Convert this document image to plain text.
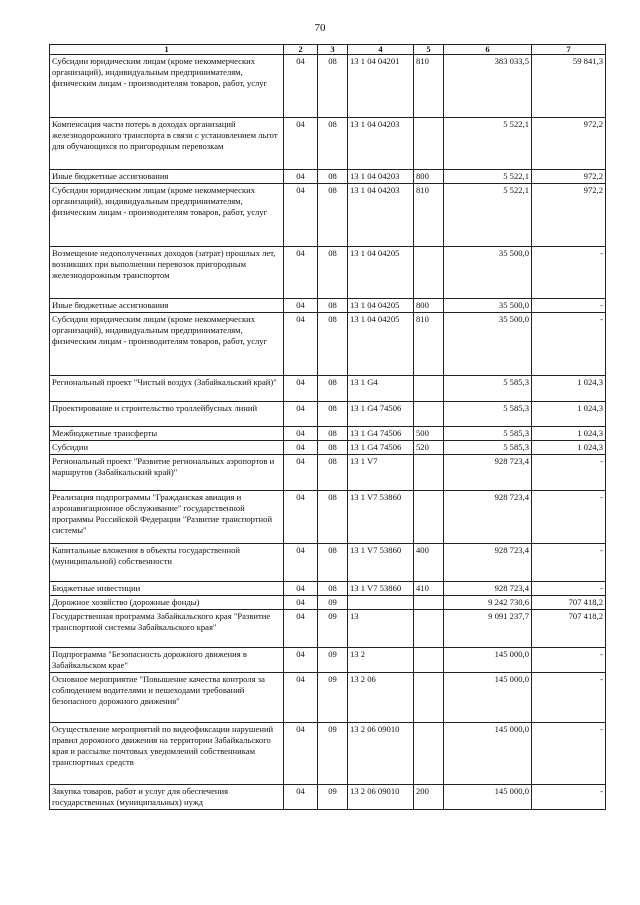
70
1	2	3	4	5	6	7
Субсидии юридическим лицам (кроме некоммерческих организаций), индивидуальным предпринимателям, физическим лицам - производителям товаров, работ, услуг	04	08	13 1 04 04201	810	383 033,5	59 841,3
Компенсация части потерь в доходах организаций железнодорожного транспорта в связи с установлением льгот для обучающихся по пригородным перевозкам	04	08	13 1 04 04203		5 522,1	972,2
Иные бюджетные ассигнования	04	08	13 1 04 04203	800	5 522,1	972,2
Субсидии юридическим лицам (кроме некоммерческих организаций), индивидуальным предпринимателям, физическим лицам - производителям товаров, работ, услуг	04	08	13 1 04 04203	810	5 522,1	972,2
Возмещение недополученных доходов (затрат) прошлых лет, возникших при выполнении перевозок пригородным железнодорожным транспортом	04	08	13 1 04 04205		35 500,0	-
Иные бюджетные ассигнования	04	08	13 1 04 04205	800	35 500,0	-
Субсидии юридическим лицам (кроме некоммерческих организаций), индивидуальным предпринимателям, физическим лицам - производителям товаров, работ, услуг	04	08	13 1 04 04205	810	35 500,0	-
Региональный проект "Чистый воздух (Забайкальский край)"	04	08	13 1 G4		5 585,3	1 024,3
Проектирование и строительство троллейбусных линий	04	08	13 1 G4 74506		5 585,3	1 024,3
Межбюджетные трансферты	04	08	13 1 G4 74506	500	5 585,3	1 024,3
Субсидии	04	08	13 1 G4 74506	520	5 585,3	1 024,3
Региональный проект "Развитие региональных аэропортов и маршрутов (Забайкальский край)"	04	08	13 1 V7		928 723,4	-
Реализация подпрограммы "Гражданская авиация и аэронавигационное обслуживание" государственной программы Российской Федерации "Развитие транспортной системы"	04	08	13 1 V7 53860		928 723,4	-
Капитальные вложения в объекты государственной (муниципальной) собственности	04	08	13 1 V7 53860	400	928 723,4	-
Бюджетные инвестиции	04	08	13 1 V7 53860	410	928 723,4	-
Дорожное хозяйство (дорожные фонды)	04	09			9 242 730,6	707 418,2
Государственная программа Забайкальского края "Развитие транспортной системы Забайкальского края"	04	09	13		9 091 237,7	707 418,2
Подпрограмма "Безопасность дорожного движения в Забайкальском крае"	04	09	13 2		145 000,0	-
Основное мероприятие "Повышение качества контроля за соблюдением водителями и пешеходами требований безопасного дорожного движения"	04	09	13 2 06		145 000,0	-
Осуществление мероприятий по видеофиксации нарушений правил дорожного движения на территории Забайкальского края и рассылке почтовых уведомлений собственникам транспортных средств	04	09	13 2 06 09010		145 000,0	-
Закупка товаров, работ и услуг для обеспечения государственных (муниципальных) нужд	04	09	13 2 06 09010	200	145 000,0	-
